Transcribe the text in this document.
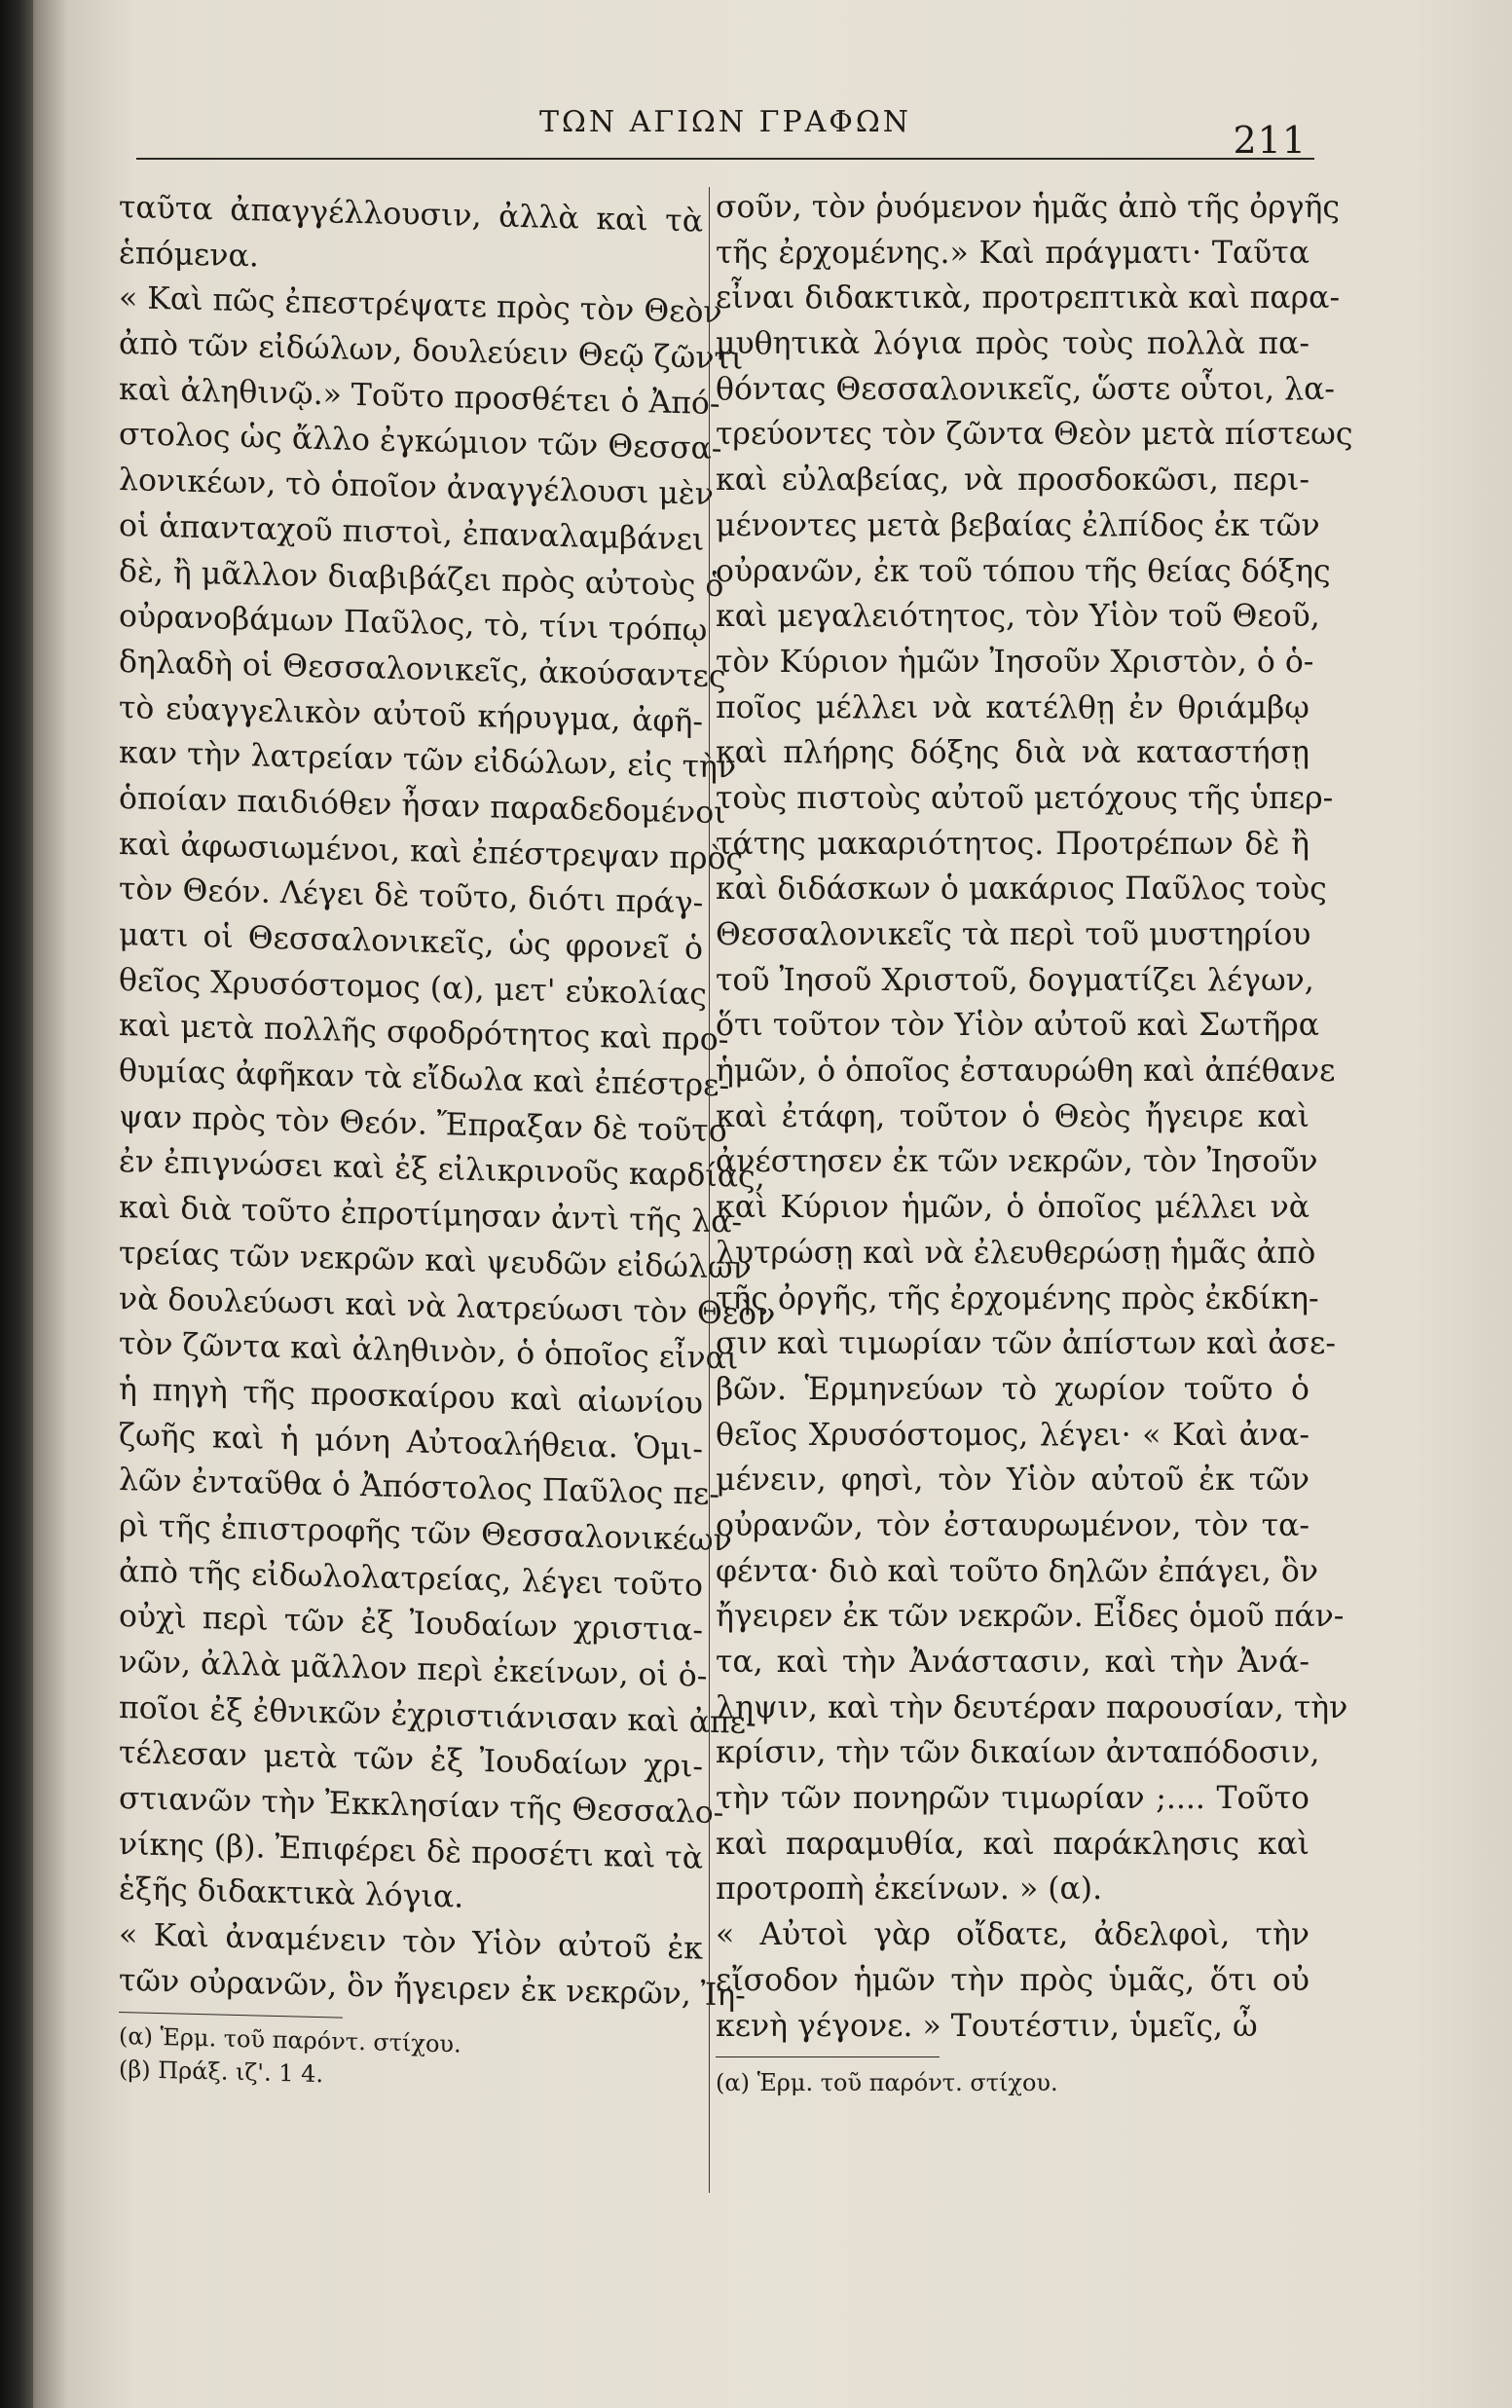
ΤΩΝ ΑΓΙΩΝ ΓΡΑΦΩΝ	211
ταῦτα ἀπαγγέλλουσιν, ἀλλὰ καὶ τὰ
ἑπόμενα.
« Καὶ πῶς ἐπεστρέψατε πρὸς τὸν Θεὸν
ἀπὸ τῶν εἰδώλων, δουλεύειν Θεῷ ζῶντι
καὶ ἀληθινῷ.» Τοῦτο προσθέτει ὁ Ἀπό-
στολος ὡς ἄλλο ἐγκώμιον τῶν Θεσσα-
λονικέων, τὸ ὁποῖον ἀναγγέλουσι μὲν
οἱ ἁπανταχοῦ πιστοὶ, ἐπαναλαμβάνει
δὲ, ἢ μᾶλλον διαβιβάζει πρὸς αὐτοὺς ὁ
οὐρανοβάμων Παῦλος, τὸ, τίνι τρόπῳ
δηλαδὴ οἱ Θεσσαλονικεῖς, ἀκούσαντες
τὸ εὐαγγελικὸν αὐτοῦ κήρυγμα, ἀφῆ-
καν τὴν λατρείαν τῶν εἰδώλων, εἰς τὴν
ὁποίαν παιδιόθεν ἦσαν παραδεδομένοι
καὶ ἀφωσιωμένοι, καὶ ἐπέστρεψαν πρὸς
τὸν Θεόν. Λέγει δὲ τοῦτο, διότι πράγ-
ματι οἱ Θεσσαλονικεῖς, ὡς φρονεῖ ὁ
θεῖος Χρυσόστομος (α), μετ' εὐκολίας
καὶ μετὰ πολλῆς σφοδρότητος καὶ προ-
θυμίας ἀφῆκαν τὰ εἴδωλα καὶ ἐπέστρε-
ψαν πρὸς τὸν Θεόν. Ἔπραξαν δὲ τοῦτο
ἐν ἐπιγνώσει καὶ ἐξ εἰλικρινοῦς καρδίας,
καὶ διὰ τοῦτο ἐπροτίμησαν ἀντὶ τῆς λα-
τρείας τῶν νεκρῶν καὶ ψευδῶν εἰδώλων
νὰ δουλεύωσι καὶ νὰ λατρεύωσι τὸν Θεὸν
τὸν ζῶντα καὶ ἀληθινὸν, ὁ ὁποῖος εἶναι
ἡ πηγὴ τῆς προσκαίρου καὶ αἰωνίου
ζωῆς καὶ ἡ μόνη Αὐτοαλήθεια. Ὁμι-
λῶν ἐνταῦθα ὁ Ἀπόστολος Παῦλος πε-
ρὶ τῆς ἐπιστροφῆς τῶν Θεσσαλονικέων
ἀπὸ τῆς εἰδωλολατρείας, λέγει τοῦτο
οὐχὶ περὶ τῶν ἐξ Ἰουδαίων χριστια-
νῶν, ἀλλὰ μᾶλλον περὶ ἐκείνων, οἱ ὁ-
ποῖοι ἐξ ἐθνικῶν ἐχριστιάνισαν καὶ ἀπε-
τέλεσαν μετὰ τῶν ἐξ Ἰουδαίων χρι-
στιανῶν τὴν Ἐκκλησίαν τῆς Θεσσαλο-
νίκης (β). Ἐπιφέρει δὲ προσέτι καὶ τὰ
ἑξῆς διδακτικὰ λόγια.
« Καὶ ἀναμένειν τὸν Υἱὸν αὐτοῦ ἐκ
τῶν οὐρανῶν, ὃν ἤγειρεν ἐκ νεκρῶν, Ἰη-
(α) Ἑρμ. τοῦ παρόντ. στίχου.
(β) Πράξ. ιζ'. 1 4.
σοῦν, τὸν ῥυόμενον ἡμᾶς ἀπὸ τῆς ὀργῆς
τῆς ἐρχομένης.» Καὶ πράγματι· Ταῦτα
εἶναι διδακτικὰ, προτρεπτικὰ καὶ παρα-
μυθητικὰ λόγια πρὸς τοὺς πολλὰ πα-
θόντας Θεσσαλονικεῖς, ὥστε οὗτοι, λα-
τρεύοντες τὸν ζῶντα Θεὸν μετὰ πίστεως
καὶ εὐλαβείας, νὰ προσδοκῶσι, περι-
μένοντες μετὰ βεβαίας ἐλπίδος ἐκ τῶν
οὐρανῶν, ἐκ τοῦ τόπου τῆς θείας δόξης
καὶ μεγαλειότητος, τὸν Υἱὸν τοῦ Θεοῦ,
τὸν Κύριον ἡμῶν Ἰησοῦν Χριστὸν, ὁ ὁ-
ποῖος μέλλει νὰ κατέλθῃ ἐν θριάμβῳ
καὶ πλήρης δόξης διὰ νὰ καταστήσῃ
τοὺς πιστοὺς αὐτοῦ μετόχους τῆς ὑπερ-
τάτης μακαριότητος. Προτρέπων δὲ ἢ
καὶ διδάσκων ὁ μακάριος Παῦλος τοὺς
Θεσσαλονικεῖς τὰ περὶ τοῦ μυστηρίου
τοῦ Ἰησοῦ Χριστοῦ, δογματίζει λέγων,
ὅτι τοῦτον τὸν Υἱὸν αὐτοῦ καὶ Σωτῆρα
ἡμῶν, ὁ ὁποῖος ἐσταυρώθη καὶ ἀπέθανε
καὶ ἐτάφη, τοῦτον ὁ Θεὸς ἤγειρε καὶ
ἀνέστησεν ἐκ τῶν νεκρῶν, τὸν Ἰησοῦν
καὶ Κύριον ἡμῶν, ὁ ὁποῖος μέλλει νὰ
λυτρώσῃ καὶ νὰ ἐλευθερώσῃ ἡμᾶς ἀπὸ
τῆς ὀργῆς, τῆς ἐρχομένης πρὸς ἐκδίκη-
σιν καὶ τιμωρίαν τῶν ἀπίστων καὶ ἀσε-
βῶν. Ἑρμηνεύων τὸ χωρίον τοῦτο ὁ
θεῖος Χρυσόστομος, λέγει· « Καὶ ἀνα-
μένειν, φησὶ, τὸν Υἱὸν αὐτοῦ ἐκ τῶν
οὐρανῶν, τὸν ἐσταυρωμένον, τὸν τα-
φέντα· διὸ καὶ τοῦτο δηλῶν ἐπάγει, ὃν
ἤγειρεν ἐκ τῶν νεκρῶν. Εἶδες ὁμοῦ πάν-
τα, καὶ τὴν Ἀνάστασιν, καὶ τὴν Ἀνά-
ληψιν, καὶ τὴν δευτέραν παρουσίαν, τὴν
κρίσιν, τὴν τῶν δικαίων ἀνταπόδοσιν,
τὴν τῶν πονηρῶν τιμωρίαν ;.... Τοῦτο
καὶ παραμυθία, καὶ παράκλησις καὶ
προτροπὴ ἐκείνων. » (α).
« Αὐτοὶ γὰρ οἴδατε, ἀδελφοὶ, τὴν
εἴσοδον ἡμῶν τὴν πρὸς ὑμᾶς, ὅτι οὐ
κενὴ γέγονε. » Τουτέστιν, ὑμεῖς, ὦ
(α) Ἑρμ. τοῦ παρόντ. στίχου.
